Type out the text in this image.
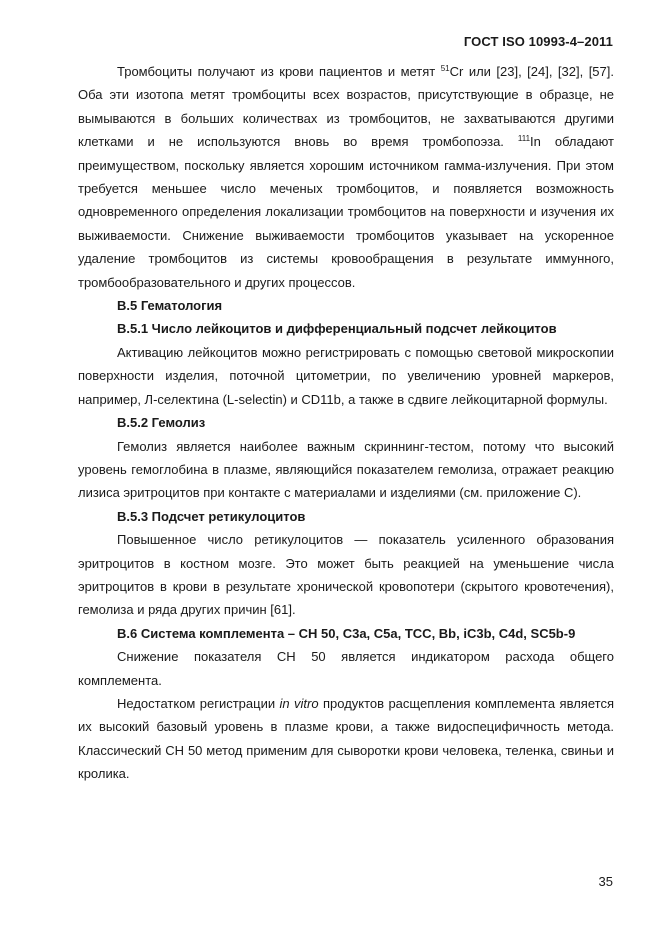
ГОСТ ISO 10993-4–2011

Тромбоциты получают из крови пациентов и метят $^{51}$Cr или [23], [24], [32], [57]. Оба эти изотопа метят тромбоциты всех возрастов, присутствующие в образце, не вымываются в больших количествах из тромбоцитов, не захватываются другими клетками и не используются вновь во время тромбопоэза. $^{111}$In обладают преимуществом, поскольку является хорошим источником гамма-излучения. При этом требуется меньшее число меченых тромбоцитов, и появляется возможность одновременного определения локализации тромбоцитов на поверхности и изучения их выживаемости. Снижение выживаемости тромбоцитов указывает на ускоренное удаление тромбоцитов из системы кровообращения в результате иммунного, тромбообразовательного и других процессов.

В.5 Гематология
В.5.1 Число лейкоцитов и дифференциальный подсчет лейкоцитов

Активацию лейкоцитов можно регистрировать с помощью световой микроскопии поверхности изделия, поточной цитометрии, по увеличению уровней маркеров, например, Л-селектина (L-selectin) и CD11b, а также в сдвиге лейкоцитарной формулы.

В.5.2 Гемолиз

Гемолиз является наиболее важным скриннинг-тестом, потому что высокий уровень гемоглобина в плазме, являющийся показателем гемолиза, отражает реакцию лизиса эритроцитов при контакте с материалами и изделиями (см. приложение С).

В.5.3 Подсчет ретикулоцитов

Повышенное число ретикулоцитов — показатель усиленного образования эритроцитов в костном мозге. Это может быть реакцией на уменьшение числа эритроцитов в крови в результате хронической кровопотери (скрытого кровотечения), гемолиза и ряда других причин [61].

В.6 Система комплемента – СН 50, C3a, C5a, TCC, Bb, iC3b, C4d, SC5b-9

Снижение показателя СН 50 является индикатором расхода общего комплемента.

Недостатком регистрации in vitro продуктов расщепления комплемента является их высокий базовый уровень в плазме крови, а также видоспецифичность метода. Классический СН 50 метод применим для сыворотки крови человека, теленка, свиньи и кролика.

35
